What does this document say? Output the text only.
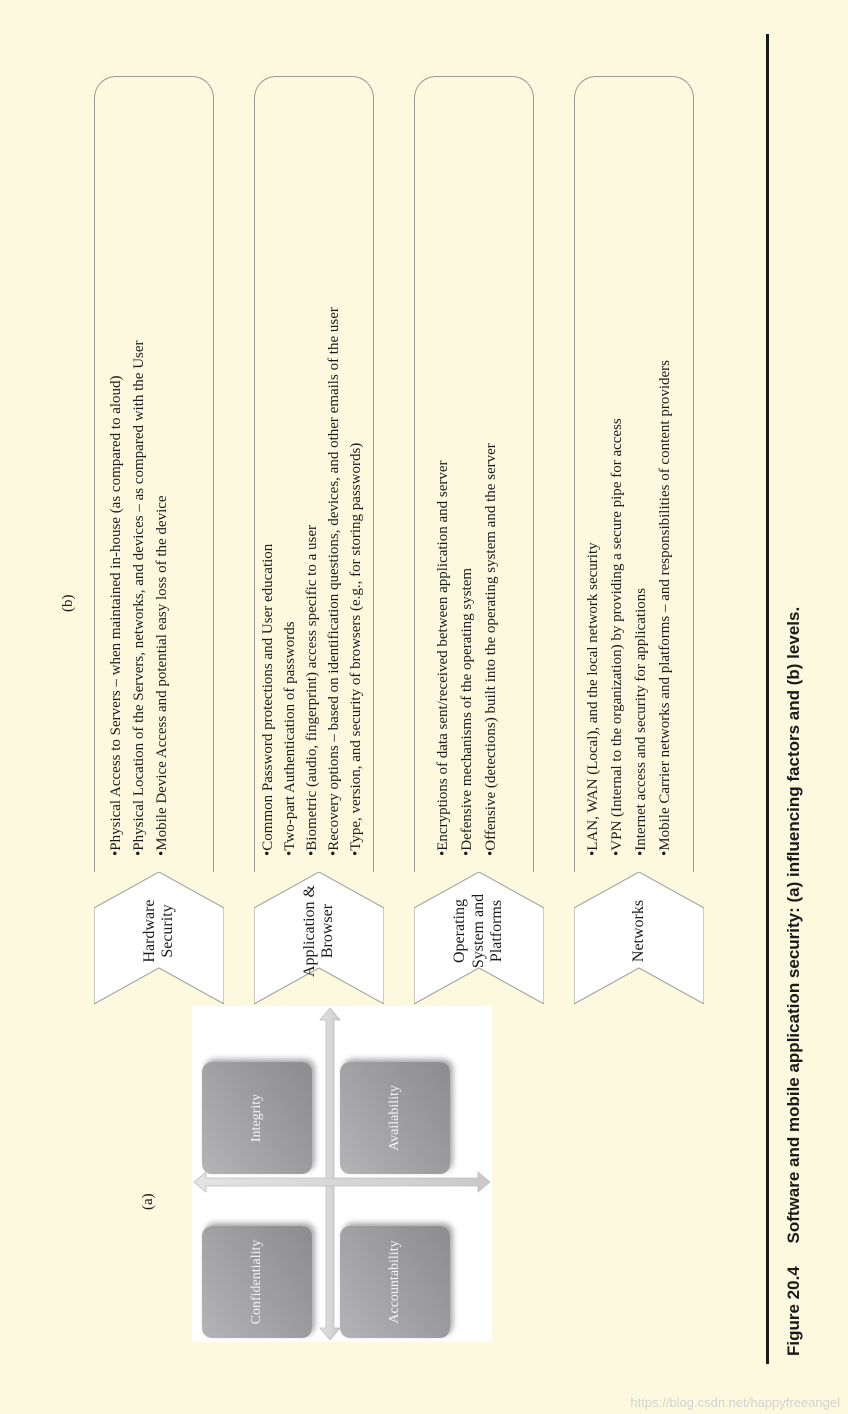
(a)
(b)
Confidentiality
Integrity
Accountability
Availability
Hardware Security
• Physical Access to Servers – when maintained in-house (as compared to aloud) • Physical Location of the Servers, networks, and devices – as compared with the User • Mobile Device Access and potential easy loss of the device
Application & Browser
• Common Password protections and User education • Two-part Authentication of passwords • Biometric (audio, fingerprint) access specific to a user • Recovery options – based on identification questions, devices, and other emails of the user • Type, version, and security of browsers (e.g., for storing passwords)
Operating System and Platforms
• Encryptions of data sent/received between application and server • Defensive mechanisms of the operating system • Offensive (detections) built into the operating system and the server
Networks
• LAN, WAN (Local), and the local network security • VPN (Internal to the organization) by providing a secure pipe for access • Internet access and security for applications • Mobile Carrier networks and platforms – and responsibilities of content providers
Figure 20.4 Software and mobile application security: (a) influencing factors and (b) levels.
https://blog.csdn.net/happyfreeangel
